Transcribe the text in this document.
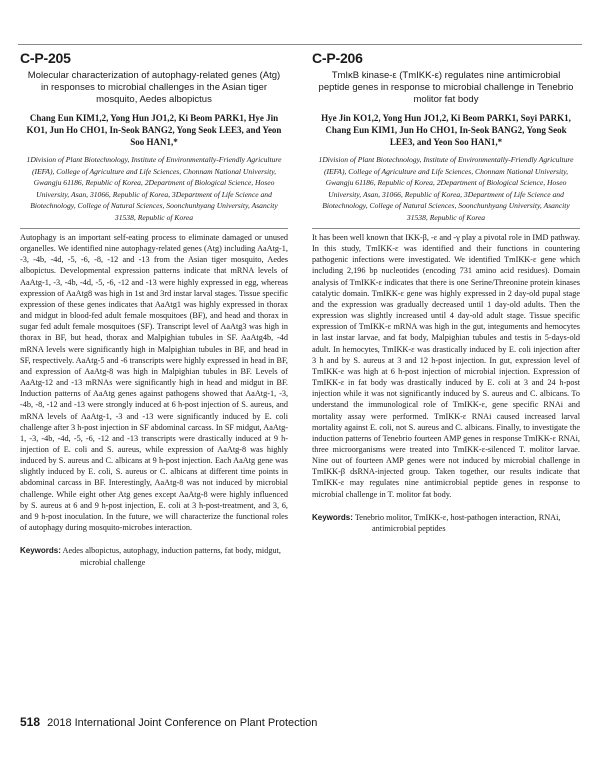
C-P-205
Molecular characterization of autophagy-related genes (Atg) in responses to microbial challenges in the Asian tiger mosquito, Aedes albopictus
Chang Eun KIM1,2, Yong Hun JO1,2, Ki Beom PARK1, Hye Jin KO1, Jun Ho CHO1, In-Seok BANG2, Yong Seok LEE3, and Yeon Soo HAN1,*
1Division of Plant Biotechnology, Institute of Environmentally-Friendly Agriculture (IEFA), College of Agriculture and Life Sciences, Chonnam National University, Gwangju 61186, Republic of Korea, 2Department of Biological Science, Hoseo University, Asan, 31066, Republic of Korea, 3Department of Life Science and Biotechnology, College of Natural Sciences, Soonchunhyang University, Asancity 31538, Republic of Korea

Autophagy is an important self-eating process to eliminate damaged or unused organelles. We identified nine autophagy-related genes (Atg) including AaAtg-1, -3, -4b, -4d, -5, -6, -8, -12 and -13 from the Asian tiger mosquito, Aedes albopictus. Developmental expression patterns indicate that mRNA levels of AaAtg-1, -3, -4b, -4d, -5, -6, -12 and -13 were highly expressed in egg, whereas expression of AaAtg8 was high in 1st and 3rd instar larval stages. Tissue specific expression of these genes indicates that AaAtg1 was highly expressed in thorax and midgut in blood-fed adult female mosquitoes (BF), and head and thorax in sugar fed adult female mosquitoes (SF). Transcript level of AaAtg3 was high in thorax in BF, but head, thorax and Malpighian tubules in SF. AaAtg4b, -4d mRNA levels were significantly high in Malpighian tubules in BF, and head in SF, respectively. AaAtg-5 and -6 transcripts were highly expressed in head in BF, and expression of AaAtg-8 was high in Malpighian tubules in BF. Levels of AaAtg-12 and -13 mRNAs were significantly high in head and midgut in BF. Induction patterns of AaAtg genes against pathogens showed that AaAtg-1, -3, -4b, -8, -12 and -13 were strongly induced at 6 h-post injection of S. aureus, and mRNA levels of AaAtg-1, -3 and -13 were significantly induced by E. coli challenge after 3 h-post injection in SF abdominal carcass. In SF midgut, AaAtg-1, -3, -4b, -4d, -5, -6, -12 and -13 transcripts were drastically induced at 9 h-injection of E. coli and S. aureus, while expression of AaAtg-8 was highly induced by S. aureus and C. albicans at 9 h-post injection. Each AaAtg gene was slightly induced by E. coli, S. aureus or C. albicans at different time points in abdominal carcass in BF. Interestingly, AaAtg-8 was not induced by microbial challenge. While eight other Atg genes except AaAtg-8 were highly influenced by S. aureus at 6 and 9 h-post injection, E. coli at 3 h-post-treatment, and 3, 6, and 9 h-post inoculation. In the future, we will characterize the functional roles of autophagy during mosquito-microbes interaction.

Keywords: Aedes albopictus, autophagy, induction patterns, fat body, midgut, microbial challenge
C-P-206
TmIκB kinase-ε (TmIKK-ε) regulates nine antimicrobial peptide genes in response to microbial challenge in Tenebrio molitor fat body
Hye Jin KO1,2, Yong Hun JO1,2, Ki Beom PARK1, Soyi PARK1, Chang Eun KIM1, Jun Ho CHO1, In-Seok BANG2, Yong Seok LEE3, and Yeon Soo HAN1,*
1Division of Plant Biotechnology, Institute of Environmentally-Friendly Agriculture (IEFA), College of Agriculture and Life Sciences, Chonnam National University, Gwangju 61186, Republic of Korea, 2Department of Biological Science, Hoseo University, Asan, 31066, Republic of Korea, 3Department of Life Science and Biotechnology, College of Natural Sciences, Soonchunhyang University, Asancity 31538, Republic of Korea

It has been well known that IKK-β, -ε and -γ play a pivotal role in IMD pathway. In this study, TmIKK-ε was identified and their functions in countering pathogenic infections were investigated. We identified TmIKK-ε gene which including 2,196 bp nucleotides (encoding 731 amino acid residues). Domain analysis of TmIKK-ε indicates that there is one Serine/Threonine protein kinases catalytic domain. TmIKK-ε gene was highly expressed in 2 day-old pupal stage and the expression was gradually decreased until 1 day-old adults. Then the expression was slightly increased until 4 day-old adult stage. Tissue specific expression of TmIKK-ε mRNA was high in the gut, integuments and hemocytes in last instar larvae, and fat body, Malpighian tubules and testis in 5-days-old adult. In hemocytes, TmIKK-ε was drastically induced by E. coli injection after 3 h and by S. aureus at 3 and 12 h-post injection. In gut, expression level of TmIKK-ε was high at 6 h-post injection of microbial injection. Expression of TmIKK-ε in fat body was drastically induced by E. coli at 3 and 24 h-post injection while it was not significantly induced by S. aureus and C. albicans. To understand the immunological role of TmIKK-ε, gene specific RNAi and mortality assay were performed. TmIKK-ε RNAi caused increased larval mortality against E. coli, not S. aureus and C. albicans. Finally, to investigate the induction patterns of Tenebrio fourteen AMP genes in response TmIKK-ε RNAi, three microorganisms were treated into TmIKK-ε-silenced T. molitor larvae. Nine out of fourteen AMP genes were not induced by microbial challenge in TmIKK-β dsRNA-injected group. Taken together, our results indicate that TmIKK-ε may regulates nine antimicrobial peptide genes in response to microbial challenge in T. molitor fat body.

Keywords: Tenebrio molitor, TmIKK-ε, host-pathogen interaction, RNAi, antimicrobial peptides
518 2018 International Joint Conference on Plant Protection
